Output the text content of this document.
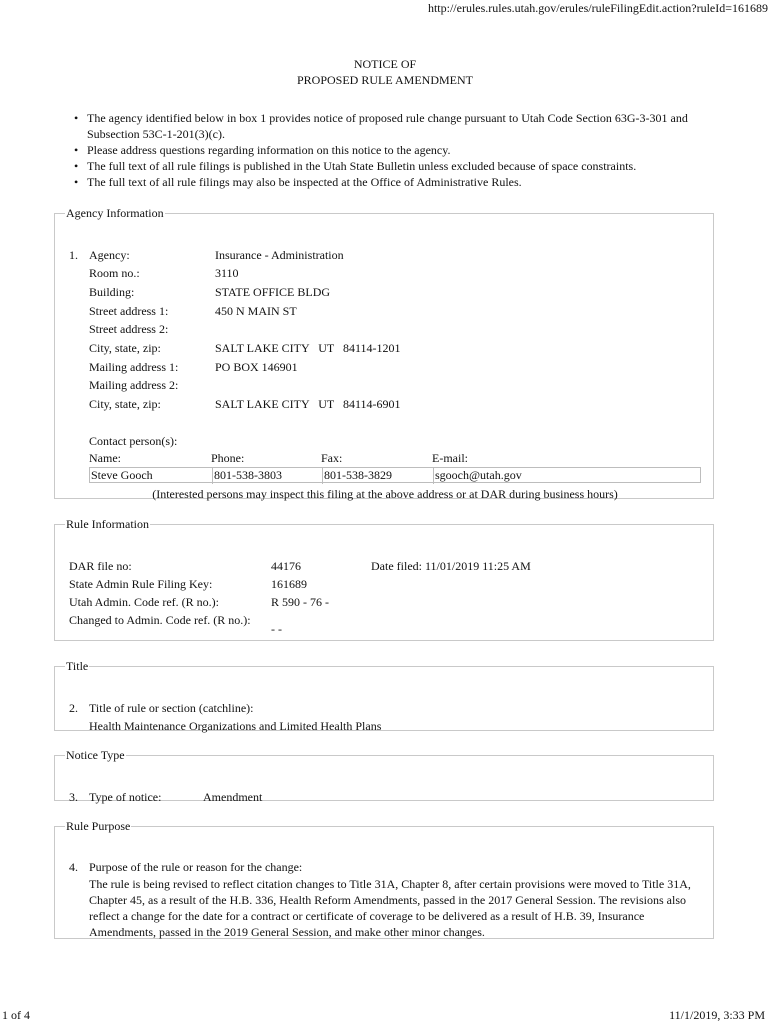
http://erules.rules.utah.gov/erules/ruleFilingEdit.action?ruleId=161689
NOTICE OF
PROPOSED RULE AMENDMENT
• The agency identified below in box 1 provides notice of proposed rule change pursuant to Utah Code Section 63G-3-301 and Subsection 53C-1-201(3)(c).
• Please address questions regarding information on this notice to the agency.
• The full text of all rule filings is published in the Utah State Bulletin unless excluded because of space constraints.
• The full text of all rule filings may also be inspected at the Office of Administrative Rules.
Agency Information
1. Agency:	Insurance - Administration
Room no.:	3110
Building:	STATE OFFICE BLDG
Street address 1:	450 N MAIN ST
Street address 2:
City, state, zip:	SALT LAKE CITY   UT   84114-1201
Mailing address 1:	PO BOX 146901
Mailing address 2:
City, state, zip:	SALT LAKE CITY   UT   84114-6901
Contact person(s):
Name:	Phone:	Fax:	E-mail:
Steve Gooch	801-538-3803	801-538-3829	sgooch@utah.gov
(Interested persons may inspect this filing at the above address or at DAR during business hours)
Rule Information
DAR file no:	44176	Date filed: 11/01/2019 11:25 AM
State Admin Rule Filing Key:	161689
Utah Admin. Code ref. (R no.):	R 590 - 76 -
Changed to Admin. Code ref. (R no.):
- -
Title
2. Title of rule or section (catchline):
Health Maintenance Organizations and Limited Health Plans
Notice Type
3. Type of notice:	Amendment
Rule Purpose
4. Purpose of the rule or reason for the change:
The rule is being revised to reflect citation changes to Title 31A, Chapter 8, after certain provisions were moved to Title 31A, Chapter 45, as a result of the H.B. 336, Health Reform Amendments, passed in the 2017 General Session. The revisions also reflect a change for the date for a contract or certificate of coverage to be delivered as a result of H.B. 39, Insurance Amendments, passed in the 2019 General Session, and make other minor changes.
1 of 4	11/1/2019, 3:33 PM
